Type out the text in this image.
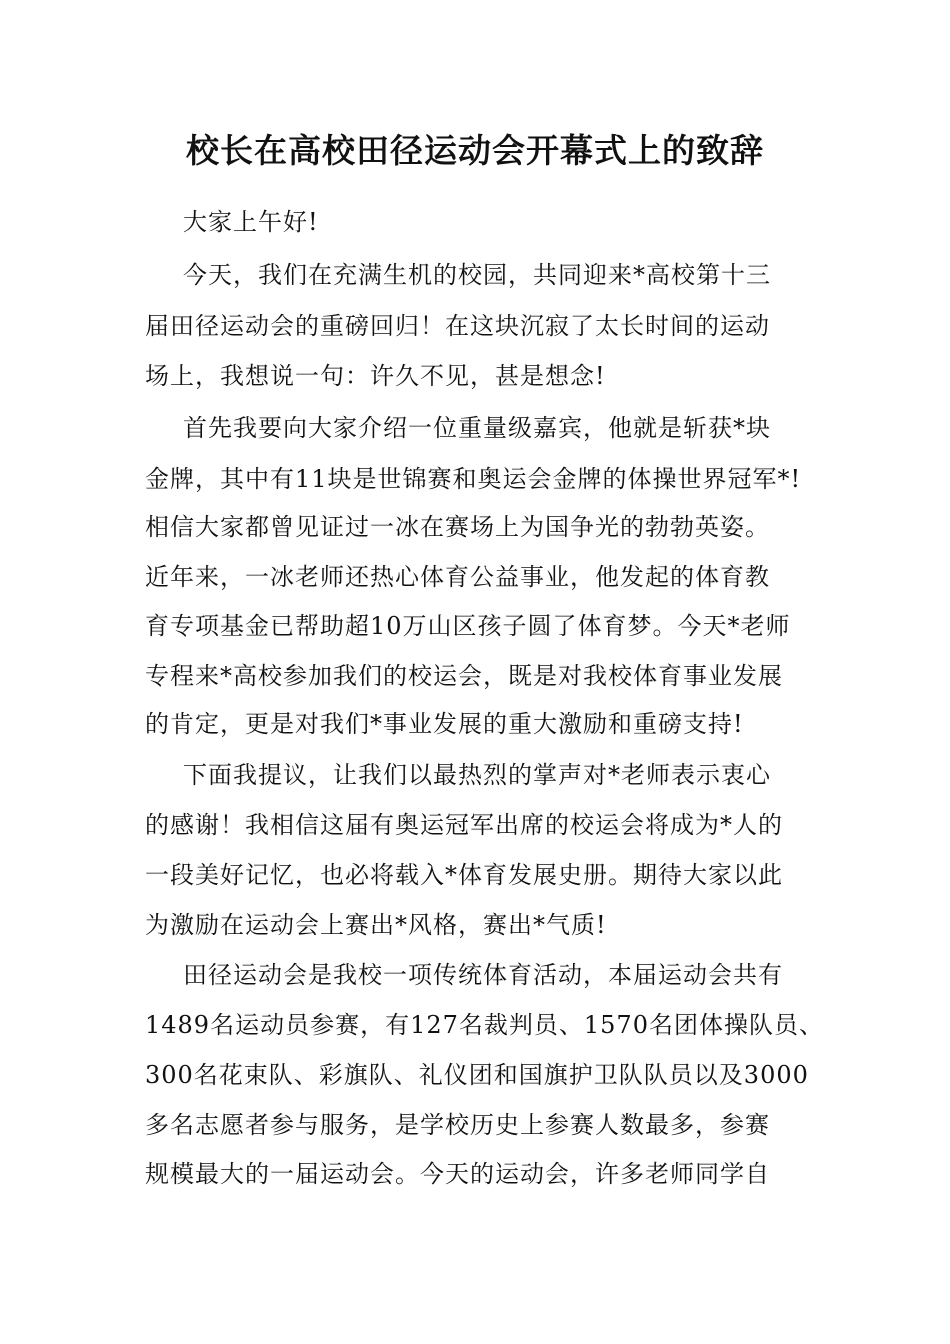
校长在高校田径运动会开幕式上的致辞

大家上午好!

今天，我们在充满生机的校园，共同迎来*高校第十三

届田径运动会的重磅回归！在这块沉寂了太长时间的运动

场上，我想说一句：许久不见，甚是想念!

首先我要向大家介绍一位重量级嘉宾，他就是斩获*块

金牌，其中有11块是世锦赛和奥运会金牌的体操世界冠军*!

相信大家都曾见证过一冰在赛场上为国争光的勃勃英姿。

近年来，一冰老师还热心体育公益事业，他发起的体育教

育专项基金已帮助超10万山区孩子圆了体育梦。今天*老师

专程来*高校参加我们的校运会，既是对我校体育事业发展

的肯定，更是对我们*事业发展的重大激励和重磅支持!

下面我提议，让我们以最热烈的掌声对*老师表示衷心

的感谢！我相信这届有奥运冠军出席的校运会将成为*人的

一段美好记忆，也必将载入*体育发展史册。期待大家以此

为激励在运动会上赛出*风格，赛出*气质!

田径运动会是我校一项传统体育活动，本届运动会共有

1489名运动员参赛，有127名裁判员、1570名团体操队员、

300名花束队、彩旗队、礼仪团和国旗护卫队队员以及3000

多名志愿者参与服务，是学校历史上参赛人数最多，参赛

规模最大的一届运动会。今天的运动会，许多老师同学自
